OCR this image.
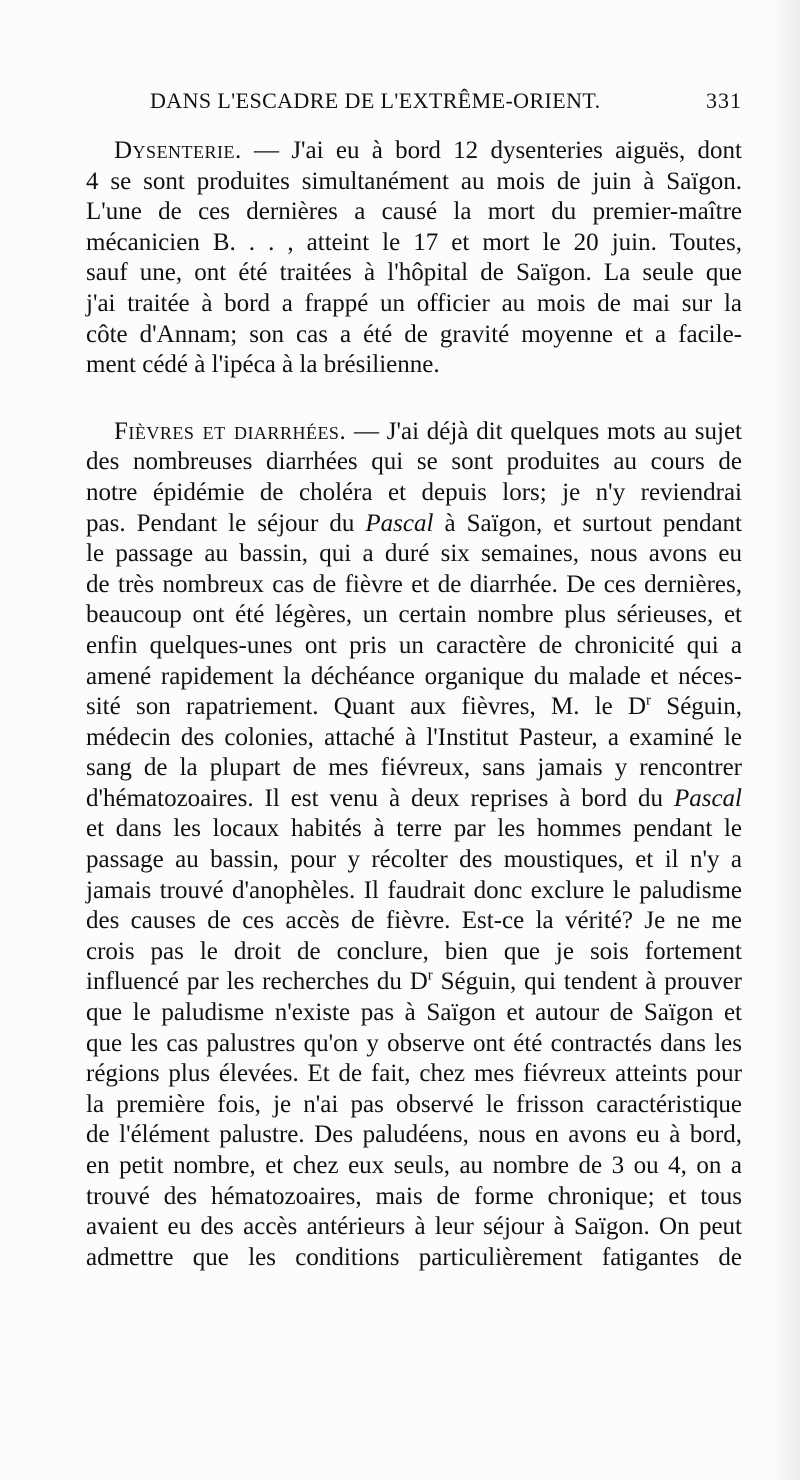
DANS L'ESCADRE DE L'EXTRÊME-ORIENT.	331
Dysenterie. — J'ai eu à bord 12 dysenteries aiguës, dont
4 se sont produites simultanément au mois de juin à Saïgon.
L'une de ces dernières a causé la mort du premier-maître
mécanicien B. . . , atteint le 17 et mort le 20 juin. Toutes,
sauf une, ont été traitées à l'hôpital de Saïgon. La seule que
j'ai traitée à bord a frappé un officier au mois de mai sur la
côte d'Annam; son cas a été de gravité moyenne et a facile-
ment cédé à l'ipéca à la brésilienne.
Fièvres et diarrhées. — J'ai déjà dit quelques mots au sujet
des nombreuses diarrhées qui se sont produites au cours de
notre épidémie de choléra et depuis lors; je n'y reviendrai
pas. Pendant le séjour du Pascal à Saïgon, et surtout pendant
le passage au bassin, qui a duré six semaines, nous avons eu
de très nombreux cas de fièvre et de diarrhée. De ces dernières,
beaucoup ont été légères, un certain nombre plus sérieuses, et
enfin quelques-unes ont pris un caractère de chronicité qui a
amené rapidement la déchéance organique du malade et néces-
sité son rapatriement. Quant aux fièvres, M. le $D^r$ Séguin,
médecin des colonies, attaché à l'Institut Pasteur, a examiné le
sang de la plupart de mes fiévreux, sans jamais y rencontrer
d'hématozoaires. Il est venu à deux reprises à bord du Pascal
et dans les locaux habités à terre par les hommes pendant le
passage au bassin, pour y récolter des moustiques, et il n'y a
jamais trouvé d'anophèles. Il faudrait donc exclure le paludisme
des causes de ces accès de fièvre. Est-ce la vérité? Je ne me
crois pas le droit de conclure, bien que je sois fortement
influencé par les recherches du $D^r$ Séguin, qui tendent à prouver
que le paludisme n'existe pas à Saïgon et autour de Saïgon et
que les cas palustres qu'on y observe ont été contractés dans les
régions plus élevées. Et de fait, chez mes fiévreux atteints pour
la première fois, je n'ai pas observé le frisson caractéristique
de l'élément palustre. Des paludéens, nous en avons eu à bord,
en petit nombre, et chez eux seuls, au nombre de 3 ou 4, on a
trouvé des hématozoaires, mais de forme chronique; et tous
avaient eu des accès antérieurs à leur séjour à Saïgon. On peut
admettre que les conditions particulièrement fatigantes de
